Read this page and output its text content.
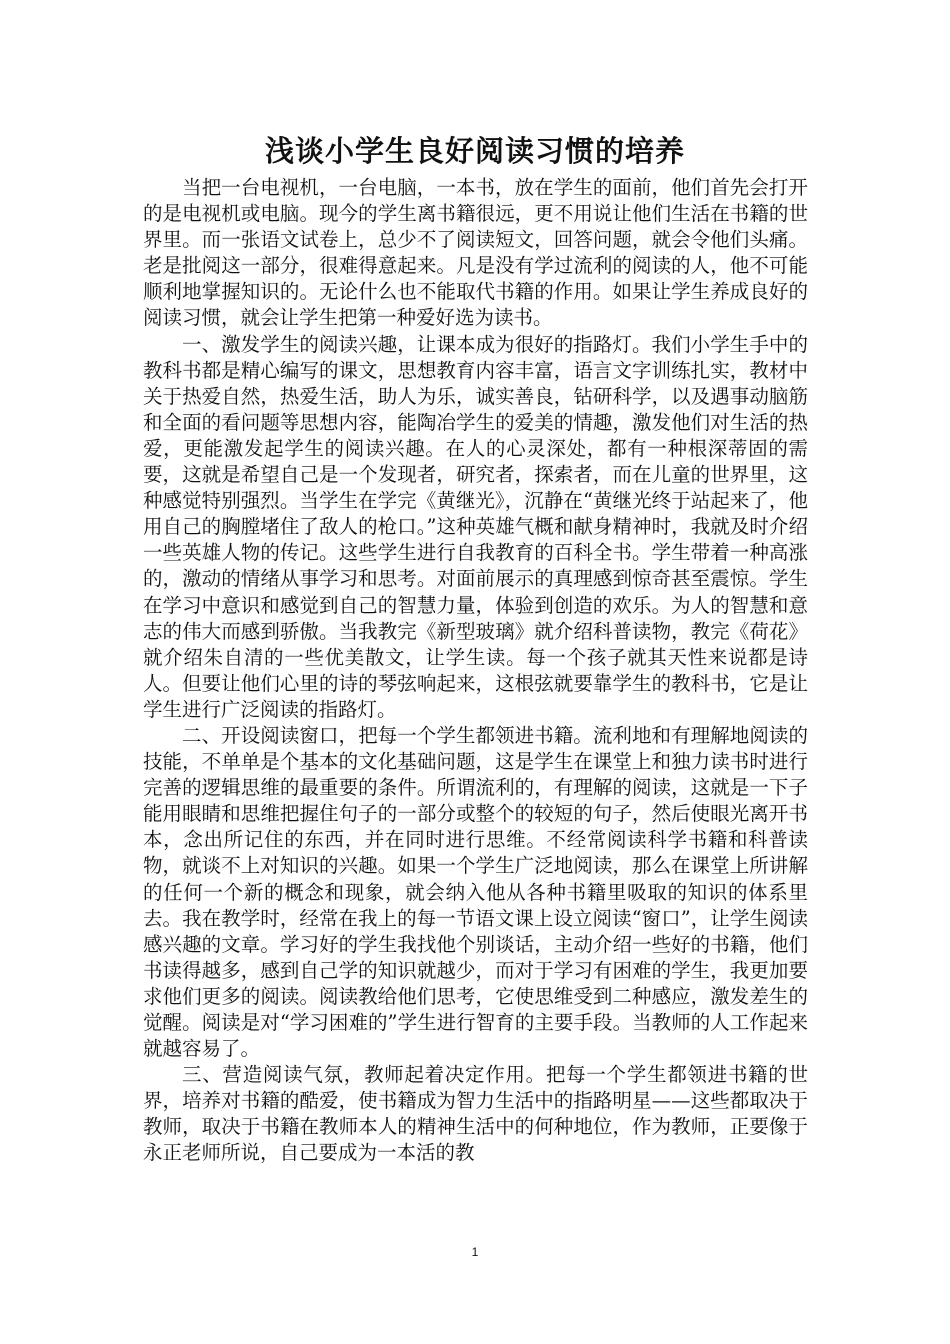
浅谈小学生良好阅读习惯的培养

当把一台电视机，一台电脑，一本书，放在学生的面前，他们首先会打开的是电视机或电脑。现今的学生离书籍很远，更不用说让他们生活在书籍的世界里。而一张语文试卷上，总少不了阅读短文，回答问题，就会令他们头痛。老是批阅这一部分，很难得意起来。凡是没有学过流利的阅读的人，他不可能顺利地掌握知识的。无论什么也不能取代书籍的作用。如果让学生养成良好的阅读习惯，就会让学生把第一种爱好选为读书。

一、激发学生的阅读兴趣，让课本成为很好的指路灯。我们小学生手中的教科书都是精心编写的课文，思想教育内容丰富，语言文字训练扎实，教材中关于热爱自然，热爱生活，助人为乐，诚实善良，钻研科学，以及遇事动脑筋和全面的看问题等思想内容，能陶冶学生的爱美的情趣，激发他们对生活的热爱，更能激发起学生的阅读兴趣。在人的心灵深处，都有一种根深蒂固的需要，这就是希望自己是一个发现者，研究者，探索者，而在儿童的世界里，这种感觉特别强烈。当学生在学完《黄继光》，沉静在“黄继光终于站起来了，他用自己的胸膛堵住了敌人的枪口。”这种英雄气概和献身精神时，我就及时介绍一些英雄人物的传记。这些学生进行自我教育的百科全书。学生带着一种高涨的，激动的情绪从事学习和思考。对面前展示的真理感到惊奇甚至震惊。学生在学习中意识和感觉到自己的智慧力量，体验到创造的欢乐。为人的智慧和意志的伟大而感到骄傲。当我教完《新型玻璃》就介绍科普读物，教完《荷花》就介绍朱自清的一些优美散文，让学生读。每一个孩子就其天性来说都是诗人。但要让他们心里的诗的琴弦响起来，这根弦就要靠学生的教科书，它是让学生进行广泛阅读的指路灯。

二、开设阅读窗口，把每一个学生都领进书籍。流利地和有理解地阅读的技能，不单单是个基本的文化基础问题，这是学生在课堂上和独力读书时进行完善的逻辑思维的最重要的条件。所谓流利的，有理解的阅读，这就是一下子能用眼睛和思维把握住句子的一部分或整个的较短的句子，然后使眼光离开书本，念出所记住的东西，并在同时进行思维。不经常阅读科学书籍和科普读物，就谈不上对知识的兴趣。如果一个学生广泛地阅读，那么在课堂上所讲解的任何一个新的概念和现象，就会纳入他从各种书籍里吸取的知识的体系里去。我在教学时，经常在我上的每一节语文课上设立阅读“窗口”，让学生阅读感兴趣的文章。学习好的学生我找他个别谈话，主动介绍一些好的书籍，他们书读得越多，感到自己学的知识就越少，而对于学习有困难的学生，我更加要求他们更多的阅读。阅读教给他们思考，它使思维受到二种感应，激发差生的觉醒。阅读是对“学习困难的”学生进行智育的主要手段。当教师的人工作起来就越容易了。

三、营造阅读气氛，教师起着决定作用。把每一个学生都领进书籍的世界，培养对书籍的酷爱，使书籍成为智力生活中的指路明星——这些都取决于教师，取决于书籍在教师本人的精神生活中的何种地位，作为教师，正要像于永正老师所说，自己要成为一本活的教

1
